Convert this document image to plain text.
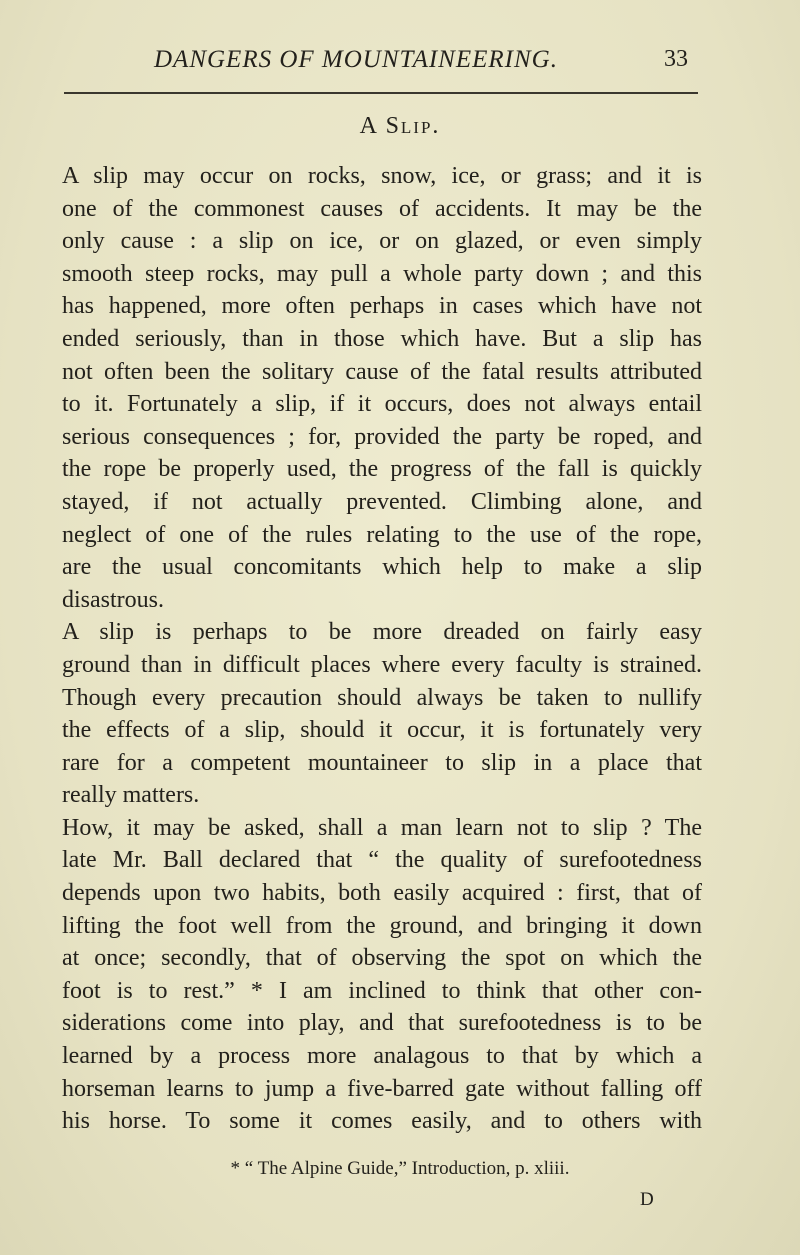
DANGERS OF MOUNTAINEERING.	33
A Slip.
A slip may occur on rocks, snow, ice, or grass; and it is
one of the commonest causes of accidents. It may be the
only cause : a slip on ice, or on glazed, or even simply
smooth steep rocks, may pull a whole party down ; and this
has happened, more often perhaps in cases which have not
ended seriously, than in those which have. But a slip has
not often been the solitary cause of the fatal results attributed
to it. Fortunately a slip, if it occurs, does not always entail
serious consequences ; for, provided the party be roped, and
the rope be properly used, the progress of the fall is quickly
stayed, if not actually prevented. Climbing alone, and
neglect of one of the rules relating to the use of the rope,
are the usual concomitants which help to make a slip
disastrous.
A slip is perhaps to be more dreaded on fairly easy
ground than in difficult places where every faculty is strained.
Though every precaution should always be taken to nullify
the effects of a slip, should it occur, it is fortunately very
rare for a competent mountaineer to slip in a place that
really matters.
How, it may be asked, shall a man learn not to slip ? The
late Mr. Ball declared that “ the quality of surefootedness
depends upon two habits, both easily acquired : first, that of
lifting the foot well from the ground, and bringing it down
at once; secondly, that of observing the spot on which the
foot is to rest.” * I am inclined to think that other con-
siderations come into play, and that surefootedness is to be
learned by a process more analagous to that by which a
horseman learns to jump a five-barred gate without falling off
his horse. To some it comes easily, and to others with
* “ The Alpine Guide,” Introduction, p. xliii.
D
